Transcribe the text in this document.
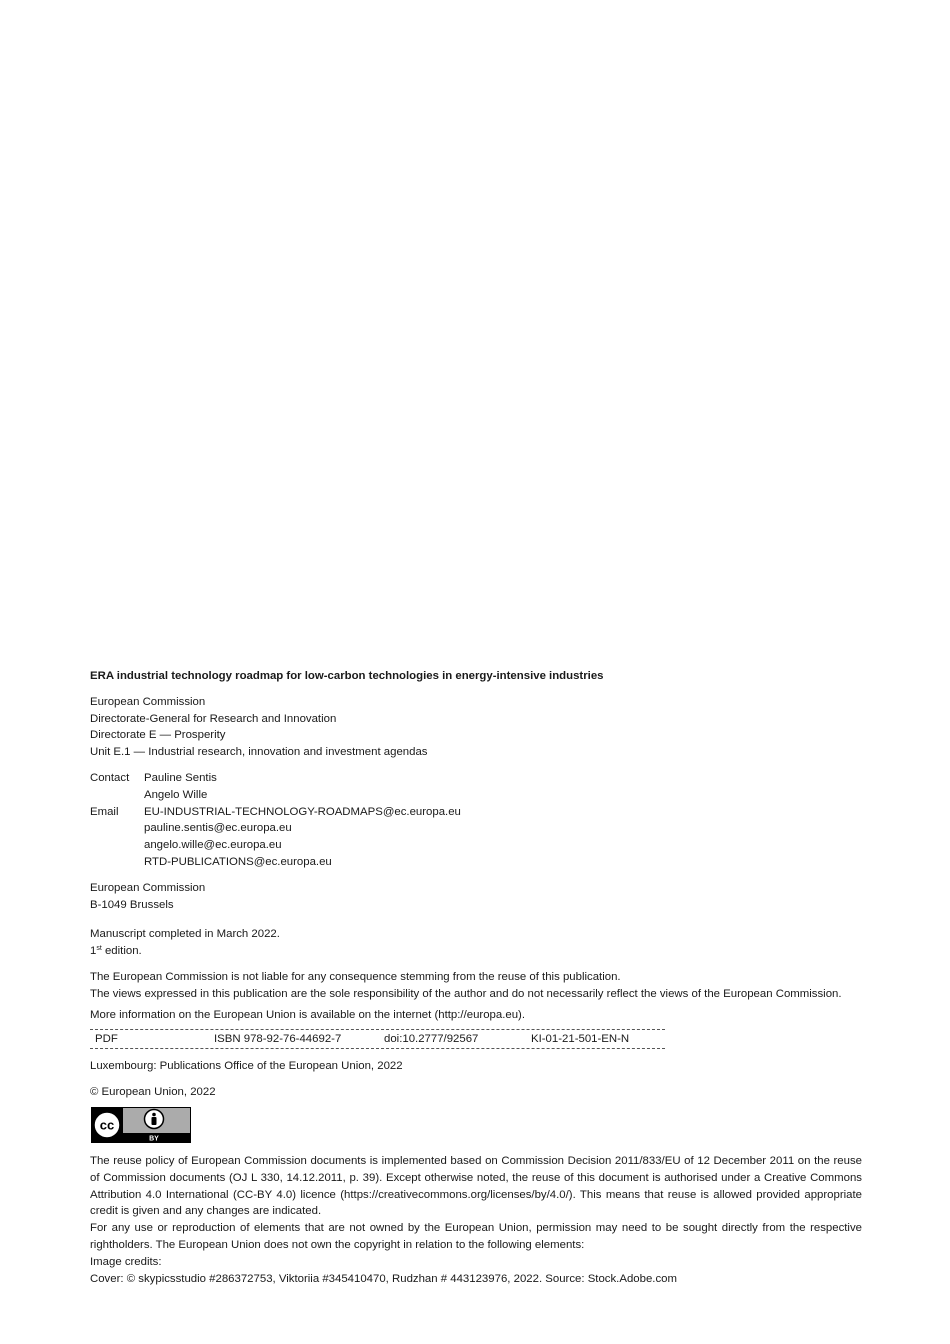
ERA industrial technology roadmap for low-carbon technologies in energy-intensive industries
European Commission
Directorate-General for Research and Innovation
Directorate E — Prosperity
Unit E.1 — Industrial research, innovation and investment agendas
Contact	Pauline Sentis
Angelo Wille
Email	EU-INDUSTRIAL-TECHNOLOGY-ROADMAPS@ec.europa.eu
pauline.sentis@ec.europa.eu
angelo.wille@ec.europa.eu
RTD-PUBLICATIONS@ec.europa.eu
European Commission
B-1049 Brussels
Manuscript completed in March 2022.
1st edition.
The European Commission is not liable for any consequence stemming from the reuse of this publication.
The views expressed in this publication are the sole responsibility of the author and do not necessarily reflect the views of the European Commission.
More information on the European Union is available on the internet (http://europa.eu).
PDF	ISBN 978-92-76-44692-7	doi:10.2777/92567	KI-01-21-501-EN-N
Luxembourg: Publications Office of the European Union, 2022
© European Union, 2022
cc
BY
The reuse policy of European Commission documents is implemented based on Commission Decision 2011/833/EU of 12 December 2011 on the reuse of Commission documents (OJ L 330, 14.12.2011, p. 39). Except otherwise noted, the reuse of this document is authorised under a Creative Commons Attribution 4.0 International (CC-BY 4.0) licence (https://creativecommons.org/licenses/by/4.0/). This means that reuse is allowed provided appropriate credit is given and any changes are indicated.
For any use or reproduction of elements that are not owned by the European Union, permission may need to be sought directly from the respective rightholders. The European Union does not own the copyright in relation to the following elements:
Image credits:
Cover: © skypicsstudio #286372753, Viktoriia #345410470, Rudzhan # 443123976, 2022. Source: Stock.Adobe.com
